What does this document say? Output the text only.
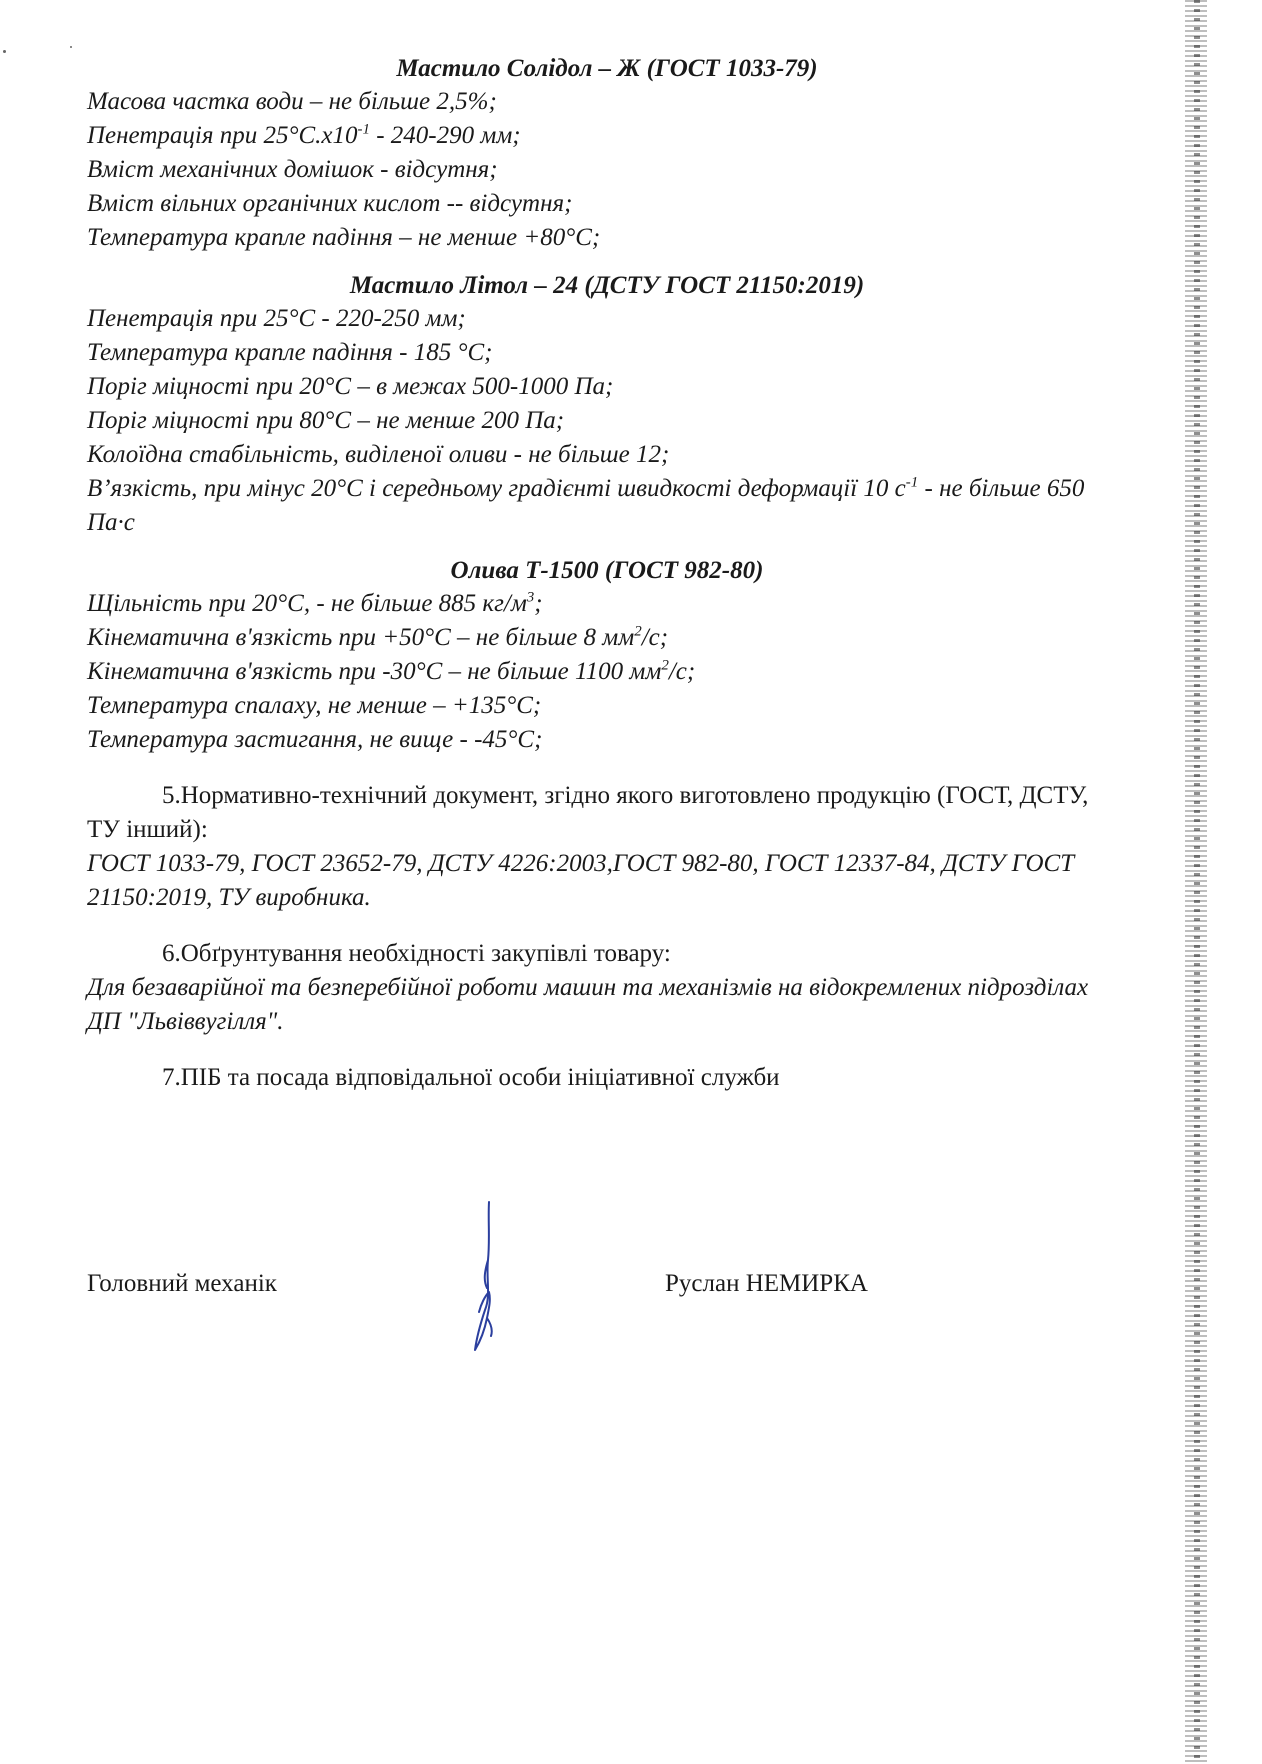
Мастило Солідол – Ж (ГОСТ 1033-79)

Масова частка води – не більше 2,5%;

Пенетрація при $25^\circ С.х10^{-1} - 240-290$ мм;

Вміст механічних домішок - відсутня;

Вміст вільних органічних кислот -- відсутня;

Температура краплe падіння – не менше +80°С;

Мастило Літол – 24 (ДСТУ ГОСТ 21150:2019)

Пенетрація при 25°С - 220-250 мм;

Температура краплe падіння - 185 °С;

Поріг міцності при 20°С – в межах 500-1000 Па;

Поріг міцності при 80°С – не менше 200 Па;

Колоїдна стабільність, виділеної оливи - не більше 12;

В’язкість, при мінус 20°С і середньому градієнті швидкості деформації 10 $с^{-1}$ - не більше 650 Па·с

Олива Т-1500 (ГОСТ 982-80)

Щільність при 20°С, - не більше 885 $кг/м^3$;

Кінематична в'язкість при +50°С – не більше 8 $мм^2/с$;

Кінематична в'язкість при -30°С – не більше 1100 $мм^2/с$;

Температура спалаху, не менше – +135°С;

Температура застигання, не вище - -45°С;

5.Нормативно-технічний документ, згідно якого виготовлено продукцію (ГОСТ, ДСТУ, ТУ інший):

ГОСТ 1033-79, ГОСТ 23652-79, ДСТУ 4226:2003,ГОСТ 982-80, ГОСТ 12337-84, ДСТУ ГОСТ 21150:2019, ТУ виробника.

6.Обґрунтування необхідності закупівлі товару:

Для безаварійної та безперебійної роботи машин та механізмів на відокремлених підрозділах ДП "Львіввугілля".

7.ПІБ та посада відповідальної особи ініціативної служби

Головний механік	Руслан НЕМИРКА
